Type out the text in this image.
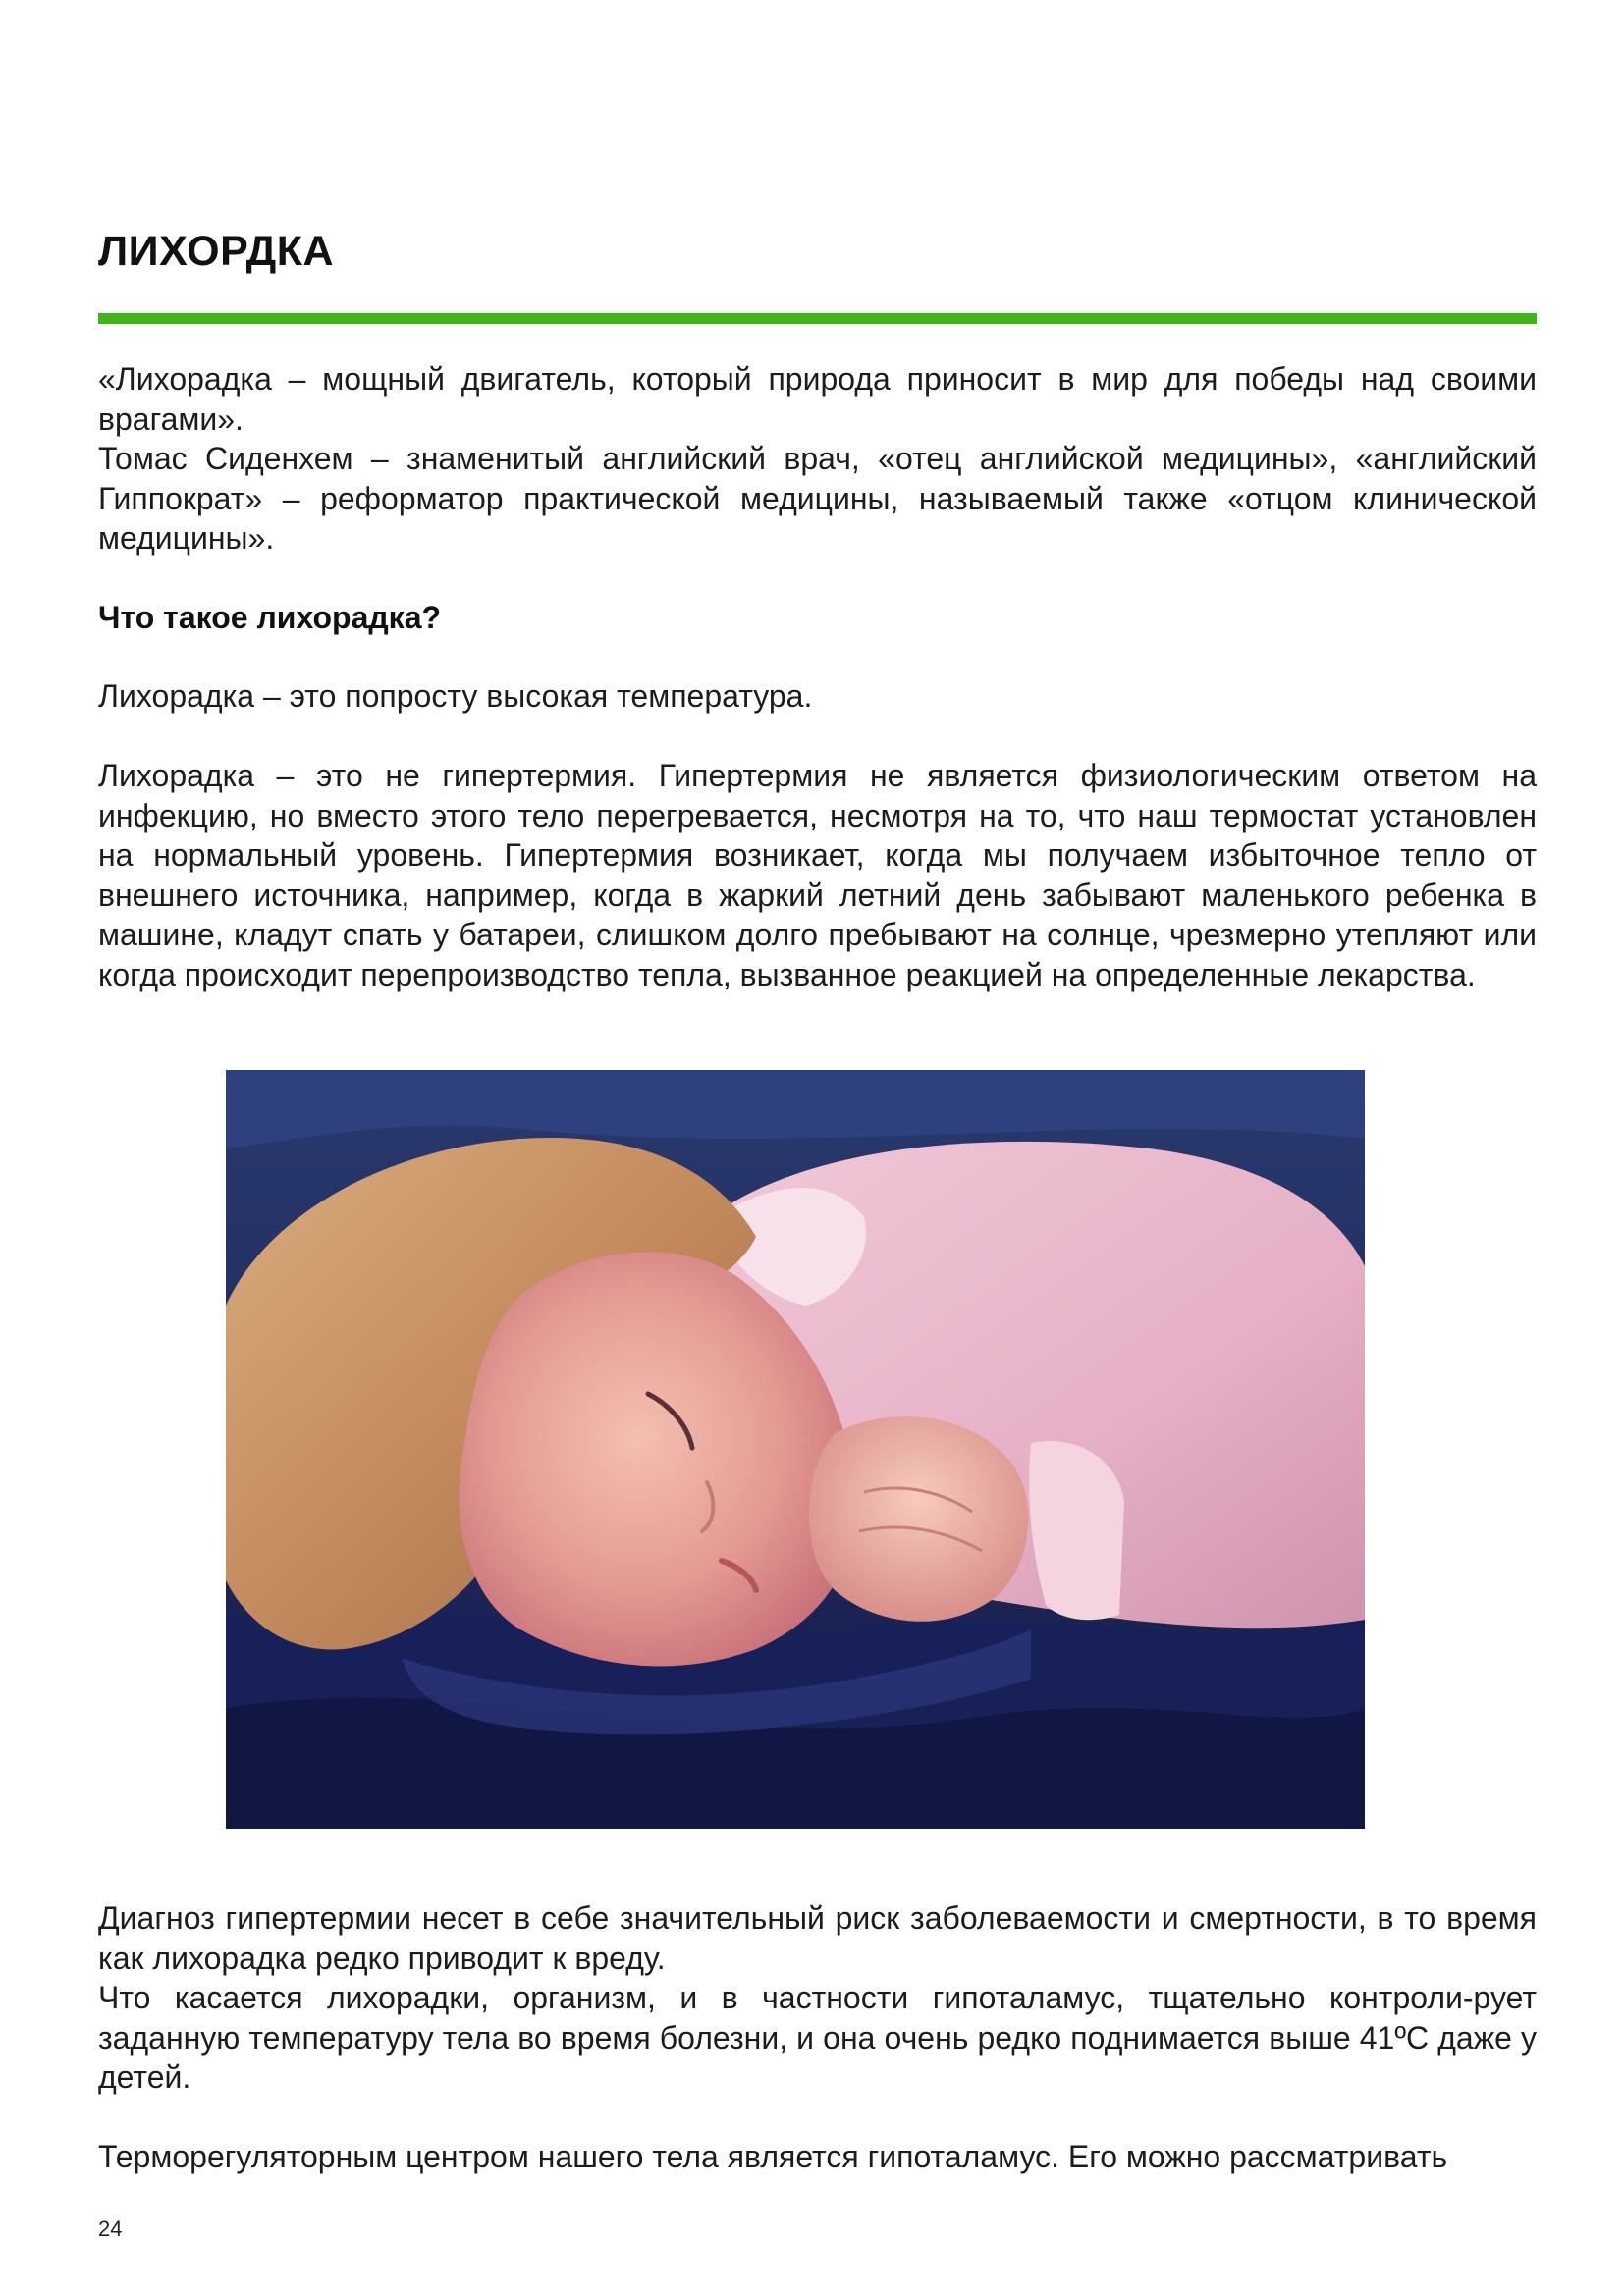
ЛИХОРДКА

«Лихорадка – мощный двигатель, который природа приносит в мир для победы над своими врагами».

Томас Сиденхем – знаменитый английский врач, «отец английской медицины», «английский Гиппократ» – реформатор практической медицины, называемый также «отцом клинической медицины».

Что такое лихорадка?

Лихорадка – это попросту высокая температура.

Лихорадка – это не гипертермия. Гипертермия не является физиологическим ответом на инфекцию, но вместо этого тело перегревается, несмотря на то, что наш термостат установлен на нормальный уровень. Гипертермия возникает, когда мы получаем избыточное тепло от внешнего источника, например, когда в жаркий летний день забывают маленького ребенка в машине, кладут спать у батареи, слишком долго пребывают на солнце, чрезмерно утепляют или когда происходит перепроизводство тепла, вызванное реакцией на определенные лекарства.

Диагноз гипертермии несет в себе значительный риск заболеваемости и смертности, в то время как лихорадка редко приводит к вреду.

Что касается лихорадки, организм, и в частности гипоталамус, тщательно контроли-рует заданную температуру тела во время болезни, и она очень редко поднимается выше 41ºС даже у детей.

Терморегуляторным центром нашего тела является гипоталамус. Его можно рассматривать

24
